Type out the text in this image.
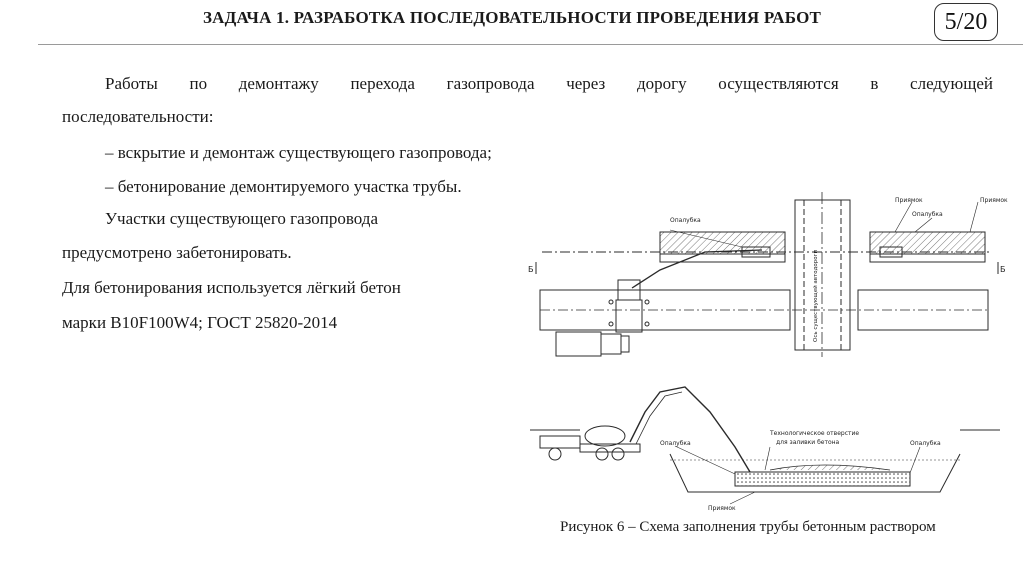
ЗАДАЧА 1. РАЗРАБОТКА ПОСЛЕДОВАТЕЛЬНОСТИ ПРОВЕДЕНИЯ РАБОТ	5/20
Работы по демонтажу перехода газопровода через дорогу осуществляются в следующей
последовательности:
– вскрытие и демонтаж существующего газопровода;
– бетонирование демонтируемого участка трубы.
Участки существующего газопровода
предусмотрено забетонировать.
Для бетонирования используется лёгкий бетон
марки В10F100W4; ГОСТ 25820-2014
Опалубка
Приямок
Опалубка
Приямок
Б	Б
Ось существующей автодороги
Опалубка
Технологическое отверстие
для заливки бетона	Опалубка
Приямок
Рисунок 6 – Схема заполнения трубы бетонным раствором
